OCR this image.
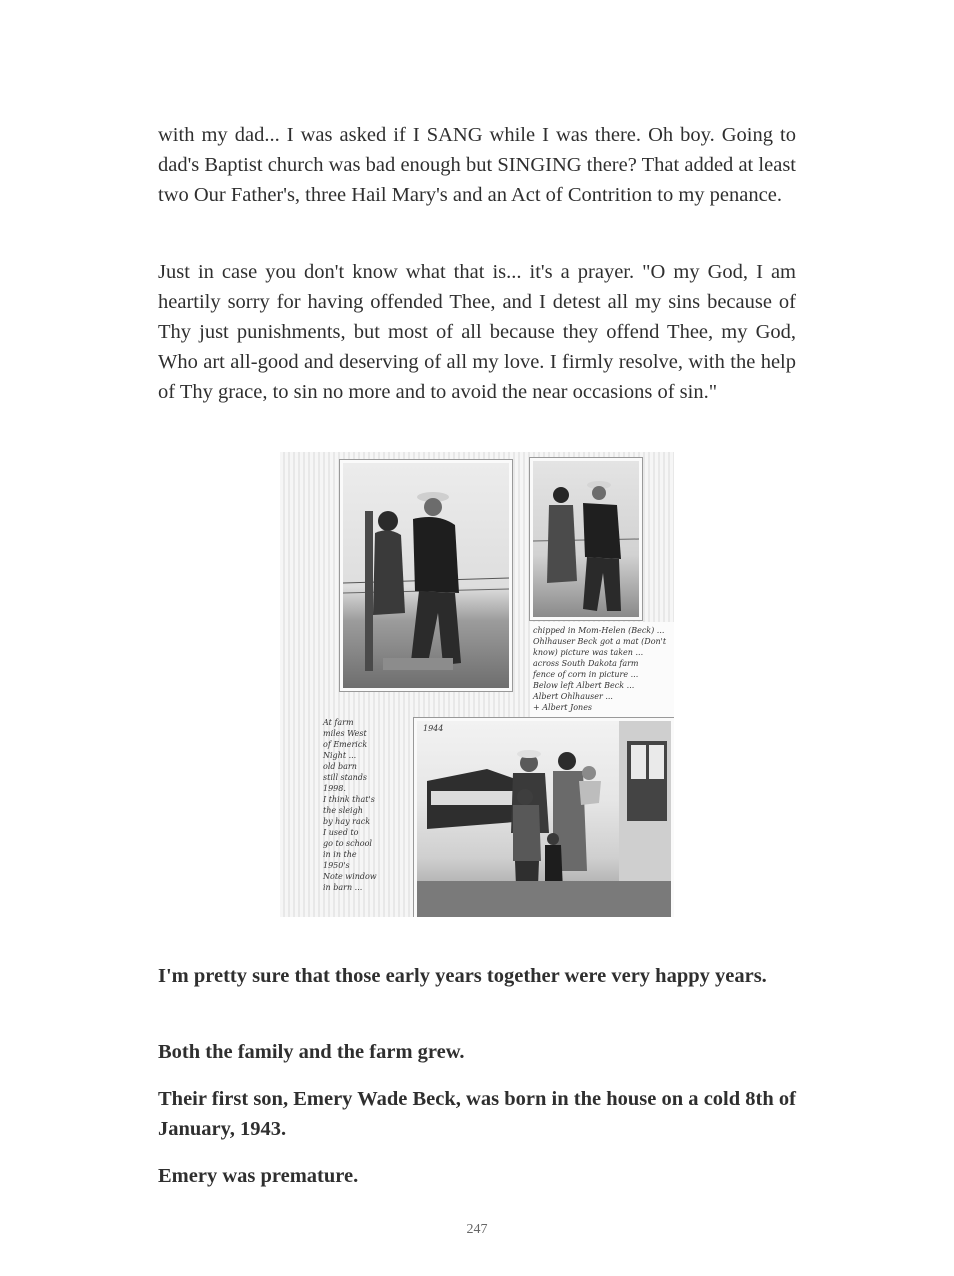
with my dad... I was asked if I SANG while I was there. Oh boy. Going to dad's Baptist church was bad enough but SINGING there? That added at least two Our Father's, three Hail Mary's and an Act of Contrition to my penance.

Just in case you don't know what that is... it's a prayer. "O my God, I am heartily sorry for having offended Thee, and I detest all my sins because of Thy just punishments, but most of all because they offend Thee, my God, Who art all-good and deserving of all my love. I firmly resolve, with the help of Thy grace, to sin no more and to avoid the near occasions of sin."

chipped in Mom-Helen (Beck) ...
Ohlhauser Beck got a mat (Don't
know) picture was taken ...
across South Dakota farm
fence of corn in picture ...
Below left Albert Beck ...
Albert Ohlhauser ...
+ Albert Jones
At farm
miles West
of Emerick
Night ...
old barn
still stands
1998.
I think that's
the sleigh
by hay rack
I used to
go to school
in in the
1950's
Note window
in barn ...
1944

I'm pretty sure that those early years together were very happy years.

Both the family and the farm grew.

Their first son, Emery Wade Beck, was born in the house on a cold 8th of January, 1943.

Emery was premature.

247
